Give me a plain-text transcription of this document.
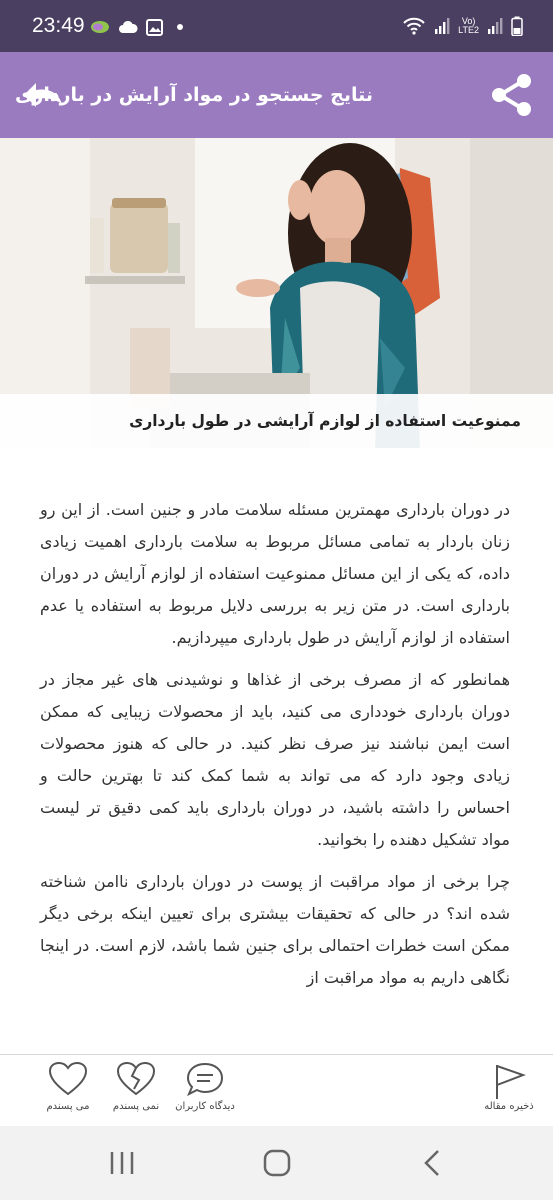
23:49	Vo)
LTE2
نتایج جستجو در مواد آرایش در بارداری
ممنوعیت استفاده از لوازم آرایشی در طول بارداری

در دوران بارداری مهمترین مسئله سلامت مادر و جنین است. از این رو زنان باردار به تمامی مسائل مربوط به سلامت بارداری اهمیت زیادی داده، که یکی از این مسائل ممنوعیت استفاده از لوازم آرایش در دوران بارداری است. در متن زیر به بررسی دلایل مربوط به استفاده یا عدم استفاده از لوازم آرایش در طول بارداری میپردازیم.

همانطور که از مصرف برخی از غذاها و نوشیدنی های غیر مجاز در دوران بارداری خودداری می کنید، باید از محصولات زیبایی که ممکن است ایمن نباشند نیز صرف نظر کنید. در حالی که هنوز محصولات زیادی وجود دارد که می تواند به شما کمک کند تا بهترین حالت و احساس را داشته باشید، در دوران بارداری باید کمی دقیق تر لیست مواد تشکیل دهنده را بخوانید.

چرا برخی از مواد مراقبت از پوست در دوران بارداری ناامن شناخته شده اند؟ در حالی که تحقیقات بیشتری برای تعیین اینکه برخی دیگر ممکن است خطرات احتمالی برای جنین شما باشد، لازم است. در اینجا نگاهی داریم به مواد مراقبت از

می پسندم	نمی پسندم	دیدگاه کاربران	ذخیره مقاله
